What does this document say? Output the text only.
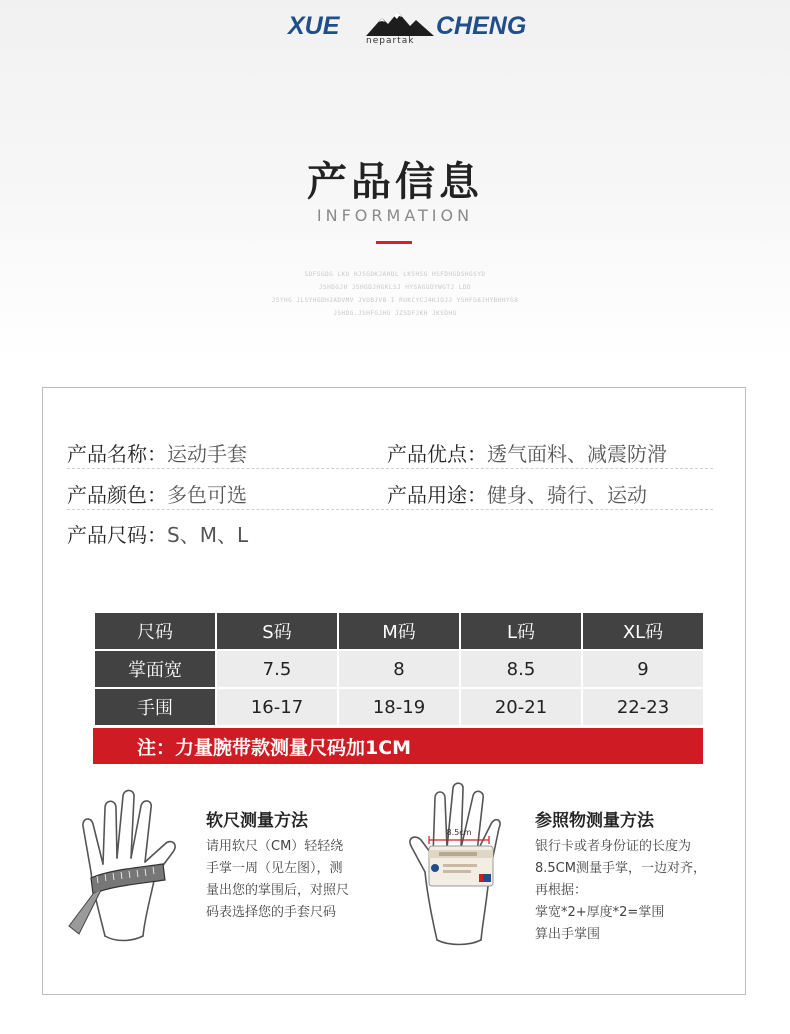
XUE	CHENG
nepartak
产品信息
INFORMATION
SDFSGDG LKU HJSGDKJAHDL LKSHSG HSFDHGDSHGSYD
JSHDGJH JSHGDJHGKLSJ HYSAGUDYWGTJ LDD
JSYHG JLSYHGDHJADVMV JVOBJV8 I RUKCYCJ4KJOJJ YSHFG8JHYBHHYG8
JSHDG.JSHFGJHG JZSDFJKH JKSDHG
产品名称：运动手套	产品优点：透气面料、减震防滑
产品颜色：多色可选	产品用途：健身、骑行、运动
产品尺码：S、M、L
尺码	S码	M码	L码	XL码
掌面宽	7.5	8	8.5	9
手围	16-17	18-19	20-21	22-23
注：力量腕带款测量尺码加1CM
软尺测量方法
请用软尺（CM）轻轻绕
手掌一周（见左图），测
量出您的掌围后，对照尺
码表选择您的手套尺码
8.5cm
参照物测量方法
银行卡或者身份证的长度为
8.5CM测量手掌，一边对齐，
再根据：
掌宽*2+厚度*2=掌围
算出手掌围
